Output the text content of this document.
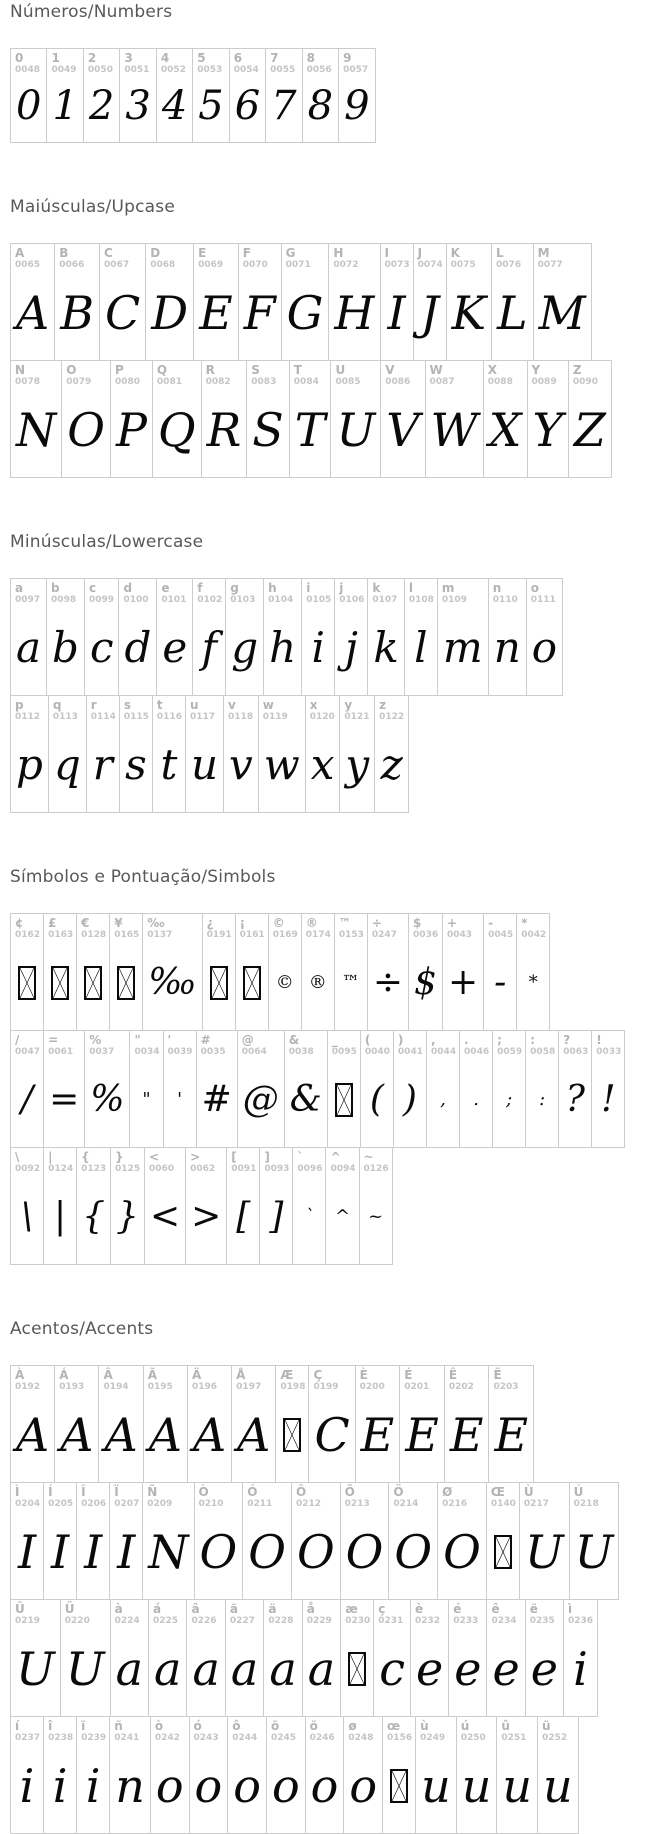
Números/Numbers
0
0048
0
1
0049
1
2
0050
2
3
0051
3
4
0052
4
5
0053
5
6
0054
6
7
0055
7
8
0056
8
9
0057
9
Maiúsculas/Upcase
A
0065
A
B
0066
B
C
0067
C
D
0068
D
E
0069
E
F
0070
F
G
0071
G
H
0072
H
I
0073
I
J
0074
J
K
0075
K
L
0076
L
M
0077
M
N
0078
N
O
0079
O
P
0080
P
Q
0081
Q
R
0082
R
S
0083
S
T
0084
T
U
0085
U
V
0086
V
W
0087
W
X
0088
X
Y
0089
Y
Z
0090
Z
Minúsculas/Lowercase
a
0097
a
b
0098
b
c
0099
c
d
0100
d
e
0101
e
f
0102
f
g
0103
g
h
0104
h
i
0105
i
j
0106
j
k
0107
k
l
0108
l
m
0109
m
n
0110
n
o
0111
o
p
0112
p
q
0113
q
r
0114
r
s
0115
s
t
0116
t
u
0117
u
v
0118
v
w
0119
w
x
0120
x
y
0121
y
z
0122
z
Símbolos e Pontuação/Simbols
¢
0162
£
0163
€
0128
¥
0165
‰
0137
‰
¿
0191
¡
0161
©
0169
©
®
0174
®
™
0153
™
÷
0247
÷
$
0036
$
+
0043
+
-
0045
-
*
0042
*
/
0047
/
=
0061
=
%
0037
%
"
0034
"
'
0039
'
#
0035
#
@
0064
@
&
0038
&
_
0095
(
0040
(
)
0041
)
,
0044
,
.
0046
.
;
0059
;
:
0058
:
?
0063
?
!
0033
!
\
0092
\
|
0124
|
{
0123
{
}
0125
}
<
0060
<
>
0062
>
[
0091
[
]
0093
]
`
0096
`
^
0094
^
~
0126
~
Acentos/Accents
À
0192
A
Á
0193
A
Â
0194
A
Ã
0195
A
Ä
0196
A
Å
0197
A
Æ
0198
Ç
0199
C
È
0200
E
É
0201
E
Ê
0202
E
Ë
0203
E
Ì
0204
I
Í
0205
I
Î
0206
I
Ï
0207
I
Ñ
0209
N
Ò
0210
O
Ó
0211
O
Ô
0212
O
Õ
0213
O
Ö
0214
O
Ø
0216
O
Œ
0140
Ù
0217
U
Ú
0218
U
Û
0219
U
Ü
0220
U
à
0224
a
á
0225
a
â
0226
a
ã
0227
a
ä
0228
a
å
0229
a
æ
0230
ç
0231
c
è
0232
e
é
0233
e
ê
0234
e
ë
0235
e
ì
0236
i
í
0237
i
î
0238
i
ï
0239
i
ñ
0241
n
ò
0242
o
ó
0243
o
ô
0244
o
õ
0245
o
ö
0246
o
ø
0248
o
œ
0156
ù
0249
u
ú
0250
u
û
0251
u
ü
0252
u
